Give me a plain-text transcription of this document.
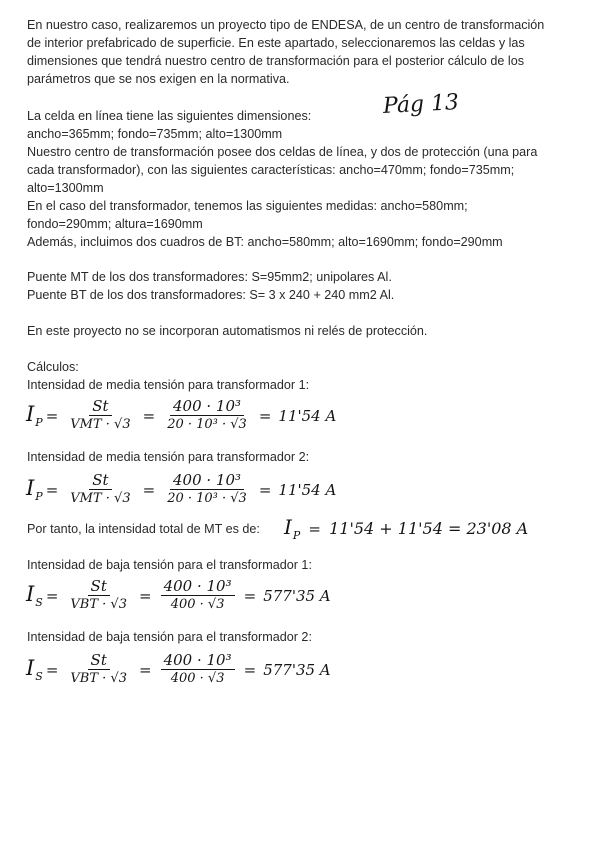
En nuestro caso, realizaremos un proyecto tipo de ENDESA, de un centro de transformación
de interior prefabricado de superficie. En este apartado, seleccionaremos las celdas y las
dimensiones que tendrá nuestro centro de transformación para el posterior cálculo de los
parámetros que se nos exigen en la normativa.
Pág 13
La celda en línea tiene las siguientes dimensiones:
ancho=365mm; fondo=735mm; alto=1300mm
Nuestro centro de transformación posee dos celdas de línea, y dos de protección (una para
cada transformador), con las siguientes características: ancho=470mm; fondo=735mm;
alto=1300mm
En el caso del transformador, tenemos las siguientes medidas: ancho=580mm;
fondo=290mm; altura=1690mm
Además, incluimos dos cuadros de BT: ancho=580mm; alto=1690mm; fondo=290mm
Puente MT de los dos transformadores: S=95mm2; unipolares Al.
Puente BT de los dos transformadores: S= 3 x 240 + 240 mm2 Al.
En este proyecto no se incorporan automatismos ni relés de protección.
Cálculos:
Intensidad de media tensión para transformador 1:
$I_P = \frac{St}{\text{VMT · √3}} = \frac{\text{400 · 10³}}{\text{20 · 10³ · √3}} = 11'54$ A
Intensidad de media tensión para transformador 2:
$I_P = \frac{St}{\text{VMT · √3}} = \frac{\text{400 · 10³}}{\text{20 · 10³ · √3}} = 11'54$ A
Por tanto, la intensidad total de MT es de: $I_P = 11'54 + 11'54 = 23'08$ A
Intensidad de baja tensión para el transformador 1:
$I_S = \frac{St}{\text{VBT · √3}} = \frac{\text{400 · 10³}}{400 \cdot √3} = 577'35$ A
Intensidad de baja tensión para el transformador 2:
$I_S = \frac{St}{\text{VBT · √3}} = \frac{\text{400 · 10³}}{400 \cdot √3} = 577'35$ A
